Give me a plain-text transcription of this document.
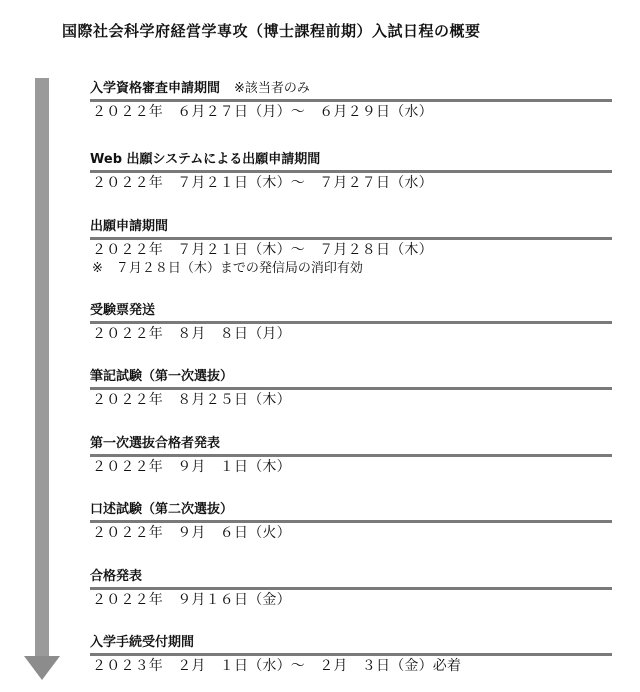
国際社会科学府経営学専攻（博士課程前期）入試日程の概要
入学資格審査申請期間 ※該当者のみ
２０２２年　６月２７日（月）～　６月２９日（水）
Web 出願システムによる出願申請期間
２０２２年　７月２１日（木）～　７月２７日（水）
出願申請期間
２０２２年　７月２１日（木）～　７月２８日（木）
※　７月２８日（木）までの発信局の消印有効
受験票発送
２０２２年　８月　８日（月）
筆記試験（第一次選抜）
２０２２年　８月２５日（木）
第一次選抜合格者発表
２０２２年　９月　１日（木）
口述試験（第二次選抜）
２０２２年　９月　６日（火）
合格発表
２０２２年　９月１６日（金）
入学手続受付期間
２０２３年　２月　１日（水）～　２月　３日（金）必着
